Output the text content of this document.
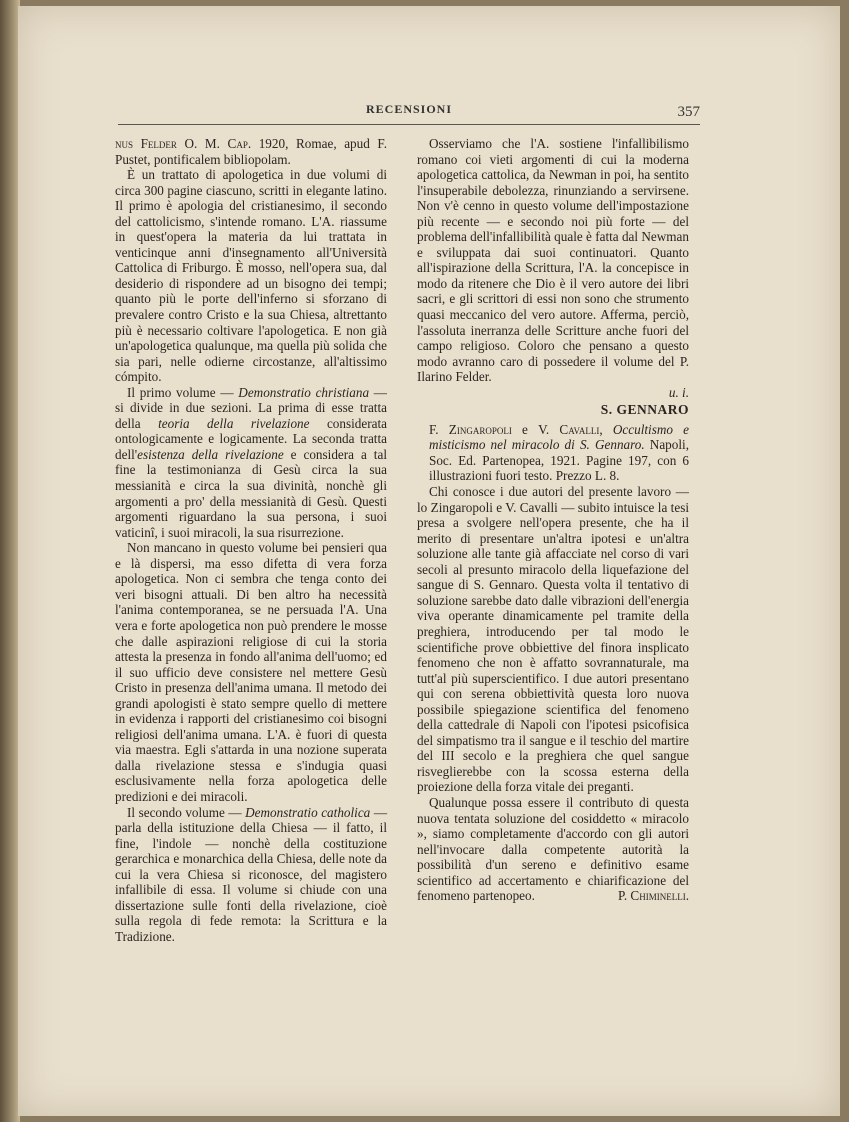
RECENSIONI	357

nus Felder O. M. Cap. 1920, Romae, apud F. Pustet, pontificalem bibliopolam.

È un trattato di apologetica in due volumi di circa 300 pagine ciascuno, scritti in elegante latino. Il primo è apologia del cristianesimo, il secondo del cattolicismo, s'intende romano. L'A. riassume in quest'opera la materia da lui trattata in venticinque anni d'insegnamento all'Università Cattolica di Friburgo. È mosso, nell'opera sua, dal desiderio di rispondere ad un bisogno dei tempi; quanto più le porte dell'inferno si sforzano di prevalere contro Cristo e la sua Chiesa, altrettanto più è necessario coltivare l'apologetica. E non già un'apologetica qualunque, ma quella più solida che sia pari, nelle odierne circostanze, all'altissimo cómpito.

Il primo volume — Demonstratio christiana — si divide in due sezioni. La prima di esse tratta della teoria della rivelazione considerata ontologicamente e logicamente. La seconda tratta dell'esistenza della rivelazione e considera a tal fine la testimonianza di Gesù circa la sua messianità e circa la sua divinità, nonchè gli argomenti a pro' della messianità di Gesù. Questi argomenti riguardano la sua persona, i suoi vaticinî, i suoi miracoli, la sua risurrezione.

Non mancano in questo volume bei pensieri qua e là dispersi, ma esso difetta di vera forza apologetica. Non ci sembra che tenga conto dei veri bisogni attuali. Di ben altro ha necessità l'anima contemporanea, se ne persuada l'A. Una vera e forte apologetica non può prendere le mosse che dalle aspirazioni religiose di cui la storia attesta la presenza in fondo all'anima dell'uomo; ed il suo ufficio deve consistere nel mettere Gesù Cristo in presenza dell'anima umana. Il metodo dei grandi apologisti è stato sempre quello di mettere in evidenza i rapporti del cristianesimo coi bisogni religiosi dell'anima umana. L'A. è fuori di questa via maestra. Egli s'attarda in una nozione superata dalla rivelazione stessa e s'indugia quasi esclusivamente nella forza apologetica delle predizioni e dei miracoli.

Il secondo volume — Demonstratio catholica — parla della istituzione della Chiesa — il fatto, il fine, l'indole — nonchè della costituzione gerarchica e monarchica della Chiesa, delle note da cui la vera Chiesa si riconosce, del magistero infallibile di essa. Il volume si chiude con una dissertazione sulle fonti della rivelazione, cioè sulla regola di fede remota: la Scrittura e la Tradizione.

Osserviamo che l'A. sostiene l'infallibilismo romano coi vieti argomenti di cui la moderna apologetica cattolica, da Newman in poi, ha sentito l'insuperabile debolezza, rinunziando a servirsene. Non v'è cenno in questo volume dell'impostazione più recente — e secondo noi più forte — del problema dell'infallibilità quale è fatta dal Newman e sviluppata dai suoi continuatori. Quanto all'ispirazione della Scrittura, l'A. la concepisce in modo da ritenere che Dio è il vero autore dei libri sacri, e gli scrittori di essi non sono che strumento quasi meccanico del vero autore. Afferma, perciò, l'assoluta inerranza delle Scritture anche fuori del campo religioso. Coloro che pensano a questo modo avranno caro di possedere il volume del P. Ilarino Felder.

u. i.

S. GENNARO

F. Zingaropoli e V. Cavalli, Occultismo e misticismo nel miracolo di S. Gennaro. Napoli, Soc. Ed. Partenopea, 1921. Pagine 197, con 6 illustrazioni fuori testo. Prezzo L. 8.

Chi conosce i due autori del presente lavoro — lo Zingaropoli e V. Cavalli — subito intuisce la tesi presa a svolgere nell'opera presente, che ha il merito di presentare un'altra ipotesi e un'altra soluzione alle tante già affacciate nel corso di vari secoli al presunto miracolo della liquefazione del sangue di S. Gennaro. Questa volta il tentativo di soluzione sarebbe dato dalle vibrazioni dell'energia viva operante dinamicamente pel tramite della preghiera, introducendo per tal modo le scientifiche prove obbiettive del finora insplicato fenomeno che non è affatto sovrannaturale, ma tutt'al più superscientifico. I due autori presentano qui con serena obbiettività questa loro nuova possibile spiegazione scientifica del fenomeno della cattedrale di Napoli con l'ipotesi psicofisica del simpatismo tra il sangue e il teschio del martire del III secolo e la preghiera che quel sangue risveglierebbe con la scossa esterna della proiezione della forza vitale dei preganti.

Qualunque possa essere il contributo di questa nuova tentata soluzione del cosiddetto « miracolo », siamo completamente d'accordo con gli autori nell'invocare dalla competente autorità la possibilità d'un sereno e definitivo esame scientifico ad accertamento e chiarificazione del fenomeno partenopeo.	P. Chiminelli.
